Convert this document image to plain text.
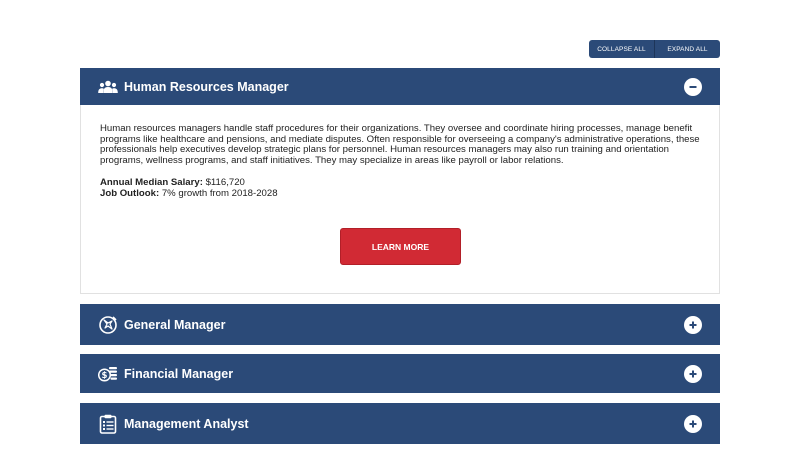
COLLAPSE ALL	EXPAND ALL
Human Resources Manager

Human resources managers handle staff procedures for their organizations. They oversee and coordinate hiring processes, manage benefit programs like healthcare and pensions, and mediate disputes. Often responsible for overseeing a company's administrative operations, these professionals help executives develop strategic plans for personnel. Human resources managers may also run training and orientation programs, wellness programs, and staff initiatives. They may specialize in areas like payroll or labor relations.

Annual Median Salary: $116,720
Job Outlook: 7% growth from 2018-2028
LEARN MORE
General Manager
$ Financial Manager
Management Analyst
